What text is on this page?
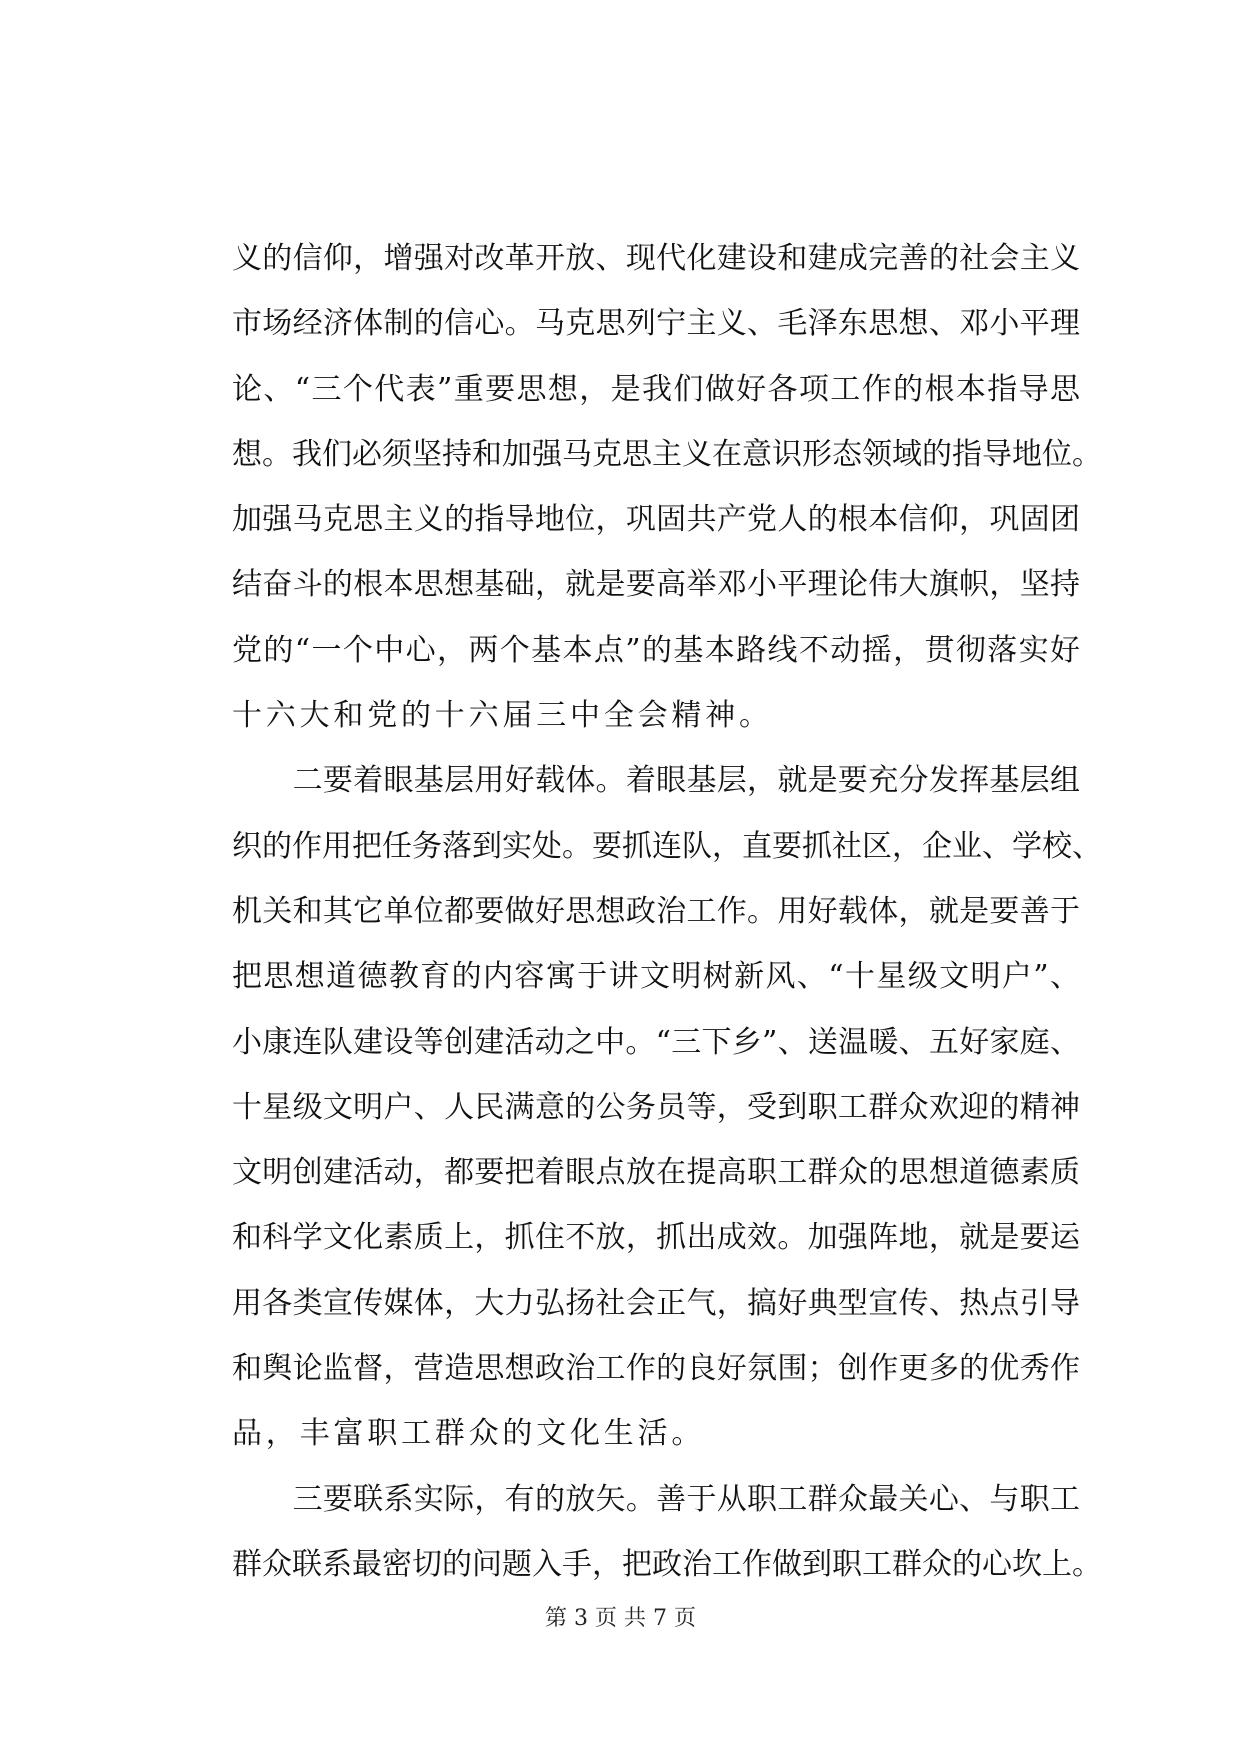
义的信仰，增强对改革开放、现代化建设和建成完善的社会主义
市场经济体制的信心。马克思列宁主义、毛泽东思想、邓小平理
论、“三个代表”重要思想，是我们做好各项工作的根本指导思
想。我们必须坚持和加强马克思主义在意识形态领域的指导地位。
加强马克思主义的指导地位，巩固共产党人的根本信仰，巩固团
结奋斗的根本思想基础，就是要高举邓小平理论伟大旗帜，坚持
党的“一个中心，两个基本点”的基本路线不动摇，贯彻落实好
十六大和党的十六届三中全会精神。
　　二要着眼基层用好载体。着眼基层，就是要充分发挥基层组
织的作用把任务落到实处。要抓连队，直要抓社区，企业、学校、
机关和其它单位都要做好思想政治工作。用好载体，就是要善于
把思想道德教育的内容寓于讲文明树新风、“十星级文明户”、
小康连队建设等创建活动之中。“三下乡”、送温暖、五好家庭、
十星级文明户、人民满意的公务员等，受到职工群众欢迎的精神
文明创建活动，都要把着眼点放在提高职工群众的思想道德素质
和科学文化素质上，抓住不放，抓出成效。加强阵地，就是要运
用各类宣传媒体，大力弘扬社会正气，搞好典型宣传、热点引导
和舆论监督，营造思想政治工作的良好氛围；创作更多的优秀作
品，丰富职工群众的文化生活。
　　三要联系实际，有的放矢。善于从职工群众最关心、与职工
群众联系最密切的问题入手，把政治工作做到职工群众的心坎上。
第 3 页 共 7 页
